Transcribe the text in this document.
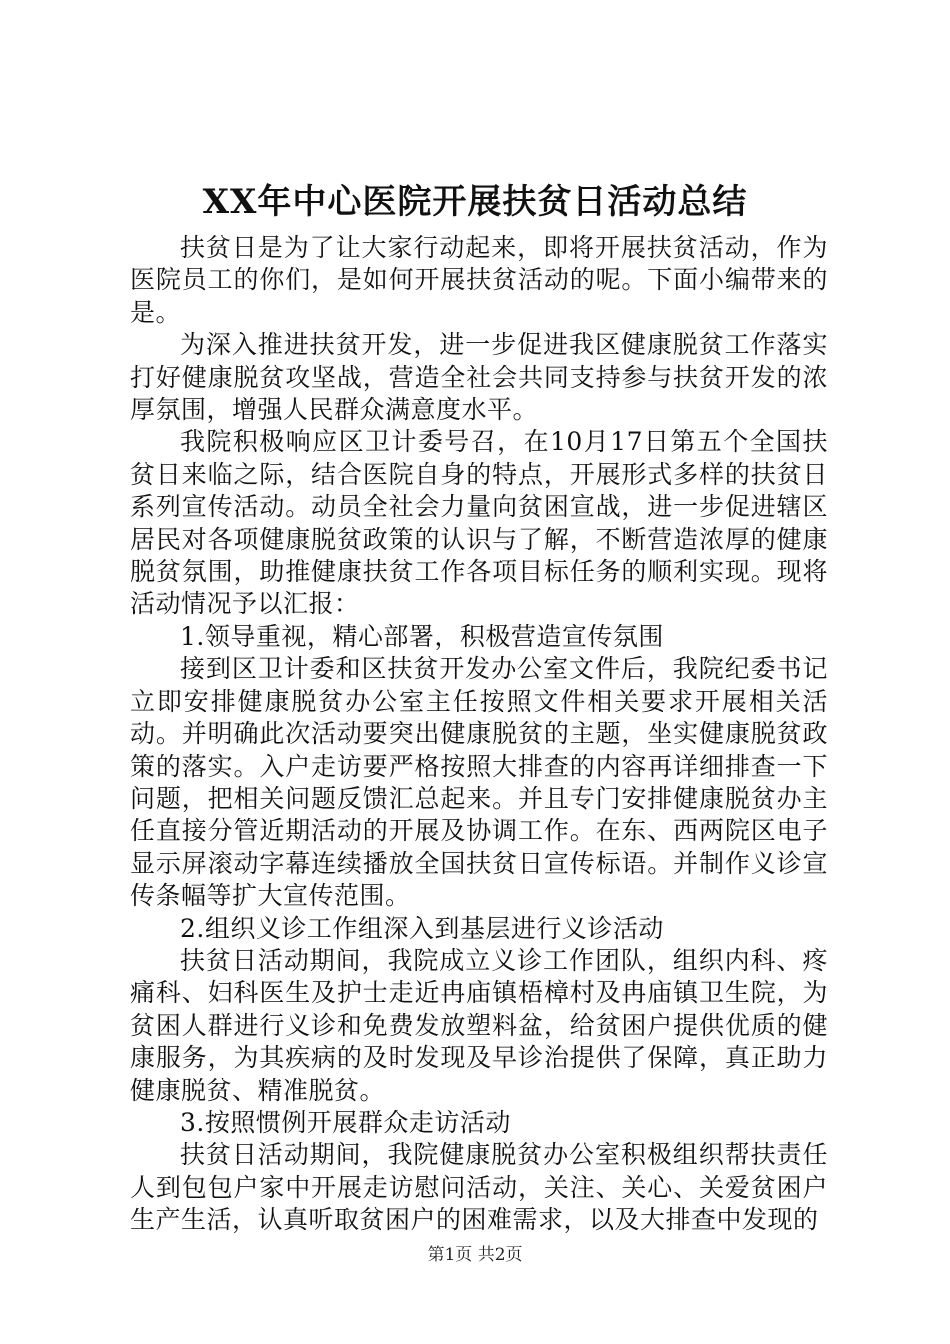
XX年中心医院开展扶贫日活动总结

扶贫日是为了让大家行动起来，即将开展扶贫活动，作为医院员工的你们，是如何开展扶贫活动的呢。下面小编带来的是。

为深入推进扶贫开发，进一步促进我区健康脱贫工作落实打好健康脱贫攻坚战，营造全社会共同支持参与扶贫开发的浓厚氛围，增强人民群众满意度水平。

我院积极响应区卫计委号召，在10月17日第五个全国扶贫日来临之际，结合医院自身的特点，开展形式多样的扶贫日系列宣传活动。动员全社会力量向贫困宣战，进一步促进辖区居民对各项健康脱贫政策的认识与了解，不断营造浓厚的健康脱贫氛围，助推健康扶贫工作各项目标任务的顺利实现。现将活动情况予以汇报：

1.领导重视，精心部署，积极营造宣传氛围

接到区卫计委和区扶贫开发办公室文件后，我院纪委书记立即安排健康脱贫办公室主任按照文件相关要求开展相关活动。并明确此次活动要突出健康脱贫的主题，坐实健康脱贫政策的落实。入户走访要严格按照大排查的内容再详细排查一下问题，把相关问题反馈汇总起来。并且专门安排健康脱贫办主任直接分管近期活动的开展及协调工作。在东、西两院区电子显示屏滚动字幕连续播放全国扶贫日宣传标语。并制作义诊宣传条幅等扩大宣传范围。

2.组织义诊工作组深入到基层进行义诊活动

扶贫日活动期间，我院成立义诊工作团队，组织内科、疼痛科、妇科医生及护士走近冉庙镇梧樟村及冉庙镇卫生院，为贫困人群进行义诊和免费发放塑料盆，给贫困户提供优质的健康服务，为其疾病的及时发现及早诊治提供了保障，真正助力健康脱贫、精准脱贫。

3.按照惯例开展群众走访活动

扶贫日活动期间，我院健康脱贫办公室积极组织帮扶责任人到包包户家中开展走访慰问活动，关注、关心、关爱贫困户生产生活，认真听取贫困户的困难需求，以及大排查中发现的

第1页 共2页
